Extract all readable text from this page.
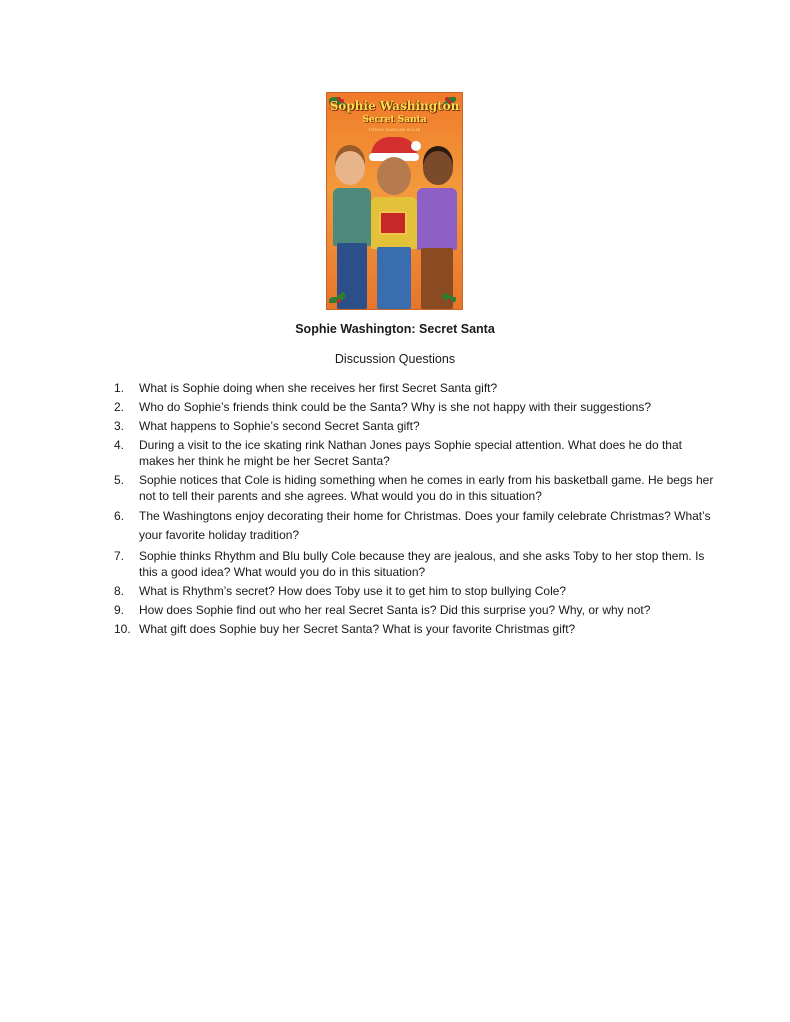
Sophie Washington
Secret Santa
TONYA DUNCAN ELLIS
Sophie Washington: Secret Santa
Discussion Questions
1.	What is Sophie doing when she receives her first Secret Santa gift?
2.	Who do Sophie’s friends think could be the Santa? Why is she not happy with their suggestions?
3.	What happens to Sophie’s second Secret Santa gift?
4.	During a visit to the ice skating rink Nathan Jones pays Sophie special attention. What does he do that makes her think he might be her Secret Santa?
5.	Sophie notices that Cole is hiding something when he comes in early from his basketball game. He begs her not to tell their parents and she agrees. What would you do in this situation?
6.	The Washingtons enjoy decorating their home for Christmas. Does your family celebrate Christmas? What’s your favorite holiday tradition?
7.	Sophie thinks Rhythm and Blu bully Cole because they are jealous, and she asks Toby to her stop them. Is this a good idea? What would you do in this situation?
8.	What is Rhythm’s secret? How does Toby use it to get him to stop bullying Cole?
9.	How does Sophie find out who her real Secret Santa is? Did this surprise you? Why, or why not?
10. What gift does Sophie buy her Secret Santa? What is your favorite Christmas gift?
